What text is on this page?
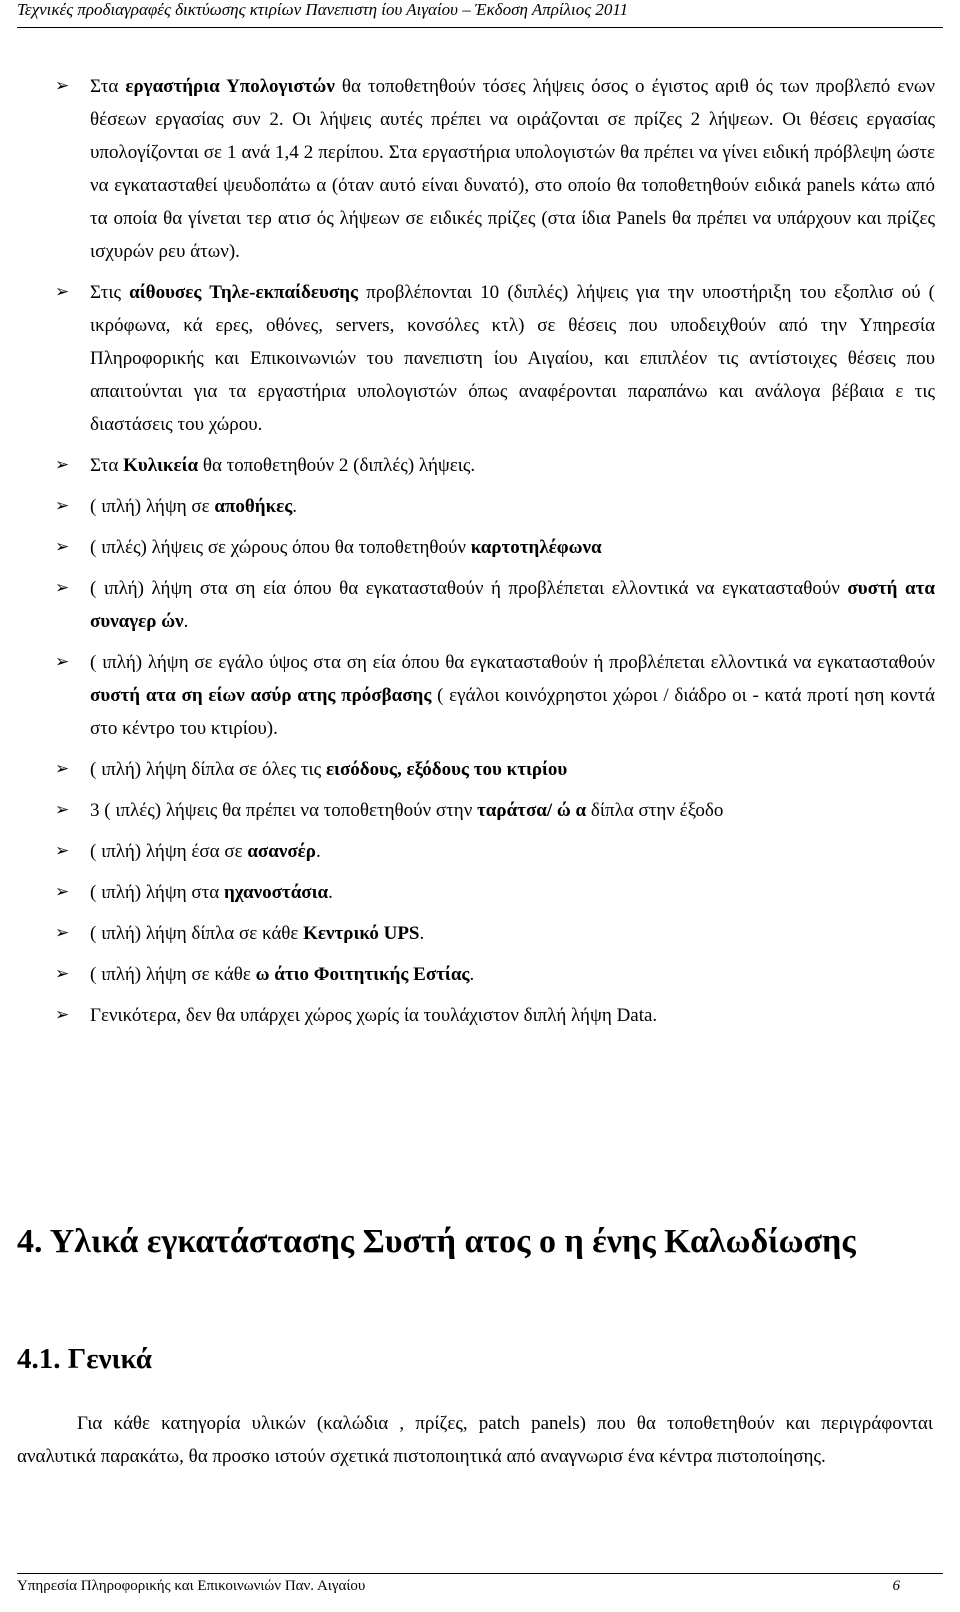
Τεχνικές προδιαγραφές δικτύωσης κτιρίων Πανεπιστη ίου Αιγαίου – Έκδοση Απρίλιος 2011
➢	Στα εργαστήρια Υπολογιστών θα τοποθετηθούν τόσες λήψεις όσος ο έγιστος αριθ ός των προβλεπό ενων θέσεων εργασίας συν 2. Οι λήψεις αυτές πρέπει να οιράζονται σε πρίζες 2 λήψεων. Οι θέσεις εργασίας υπολογίζονται σε 1 ανά 1,4 2 περίπου. Στα εργαστήρια υπολογιστών θα πρέπει να γίνει ειδική πρόβλεψη ώστε να εγκατασταθεί ψευδοπάτω α (όταν αυτό είναι δυνατό), στο οποίο θα τοποθετηθούν ειδικά panels κάτω από τα οποία θα γίνεται τερ ατισ ός λήψεων σε ειδικές πρίζες (στα ίδια Panels θα πρέπει να υπάρχουν και πρίζες ισχυρών ρευ άτων).

➢	Στις αίθουσες Τηλε-εκπαίδευσης προβλέπονται 10 (διπλές) λήψεις για την υποστήριξη του εξοπλισ ού ( ικρόφωνα, κά ερες, οθόνες, servers, κονσόλες κτλ) σε θέσεις που υποδειχθούν από την Υπηρεσία Πληροφορικής και Επικοινωνιών του πανεπιστη ίου Αιγαίου, και επιπλέον τις αντίστοιχες θέσεις που απαιτούνται για τα εργαστήρια υπολογιστών όπως αναφέρονται παραπάνω και ανάλογα βέβαια ε τις διαστάσεις του χώρου.

➢	Στα Κυλικεία θα τοποθετηθούν 2 (διπλές) λήψεις.

➢	( ιπλή) λήψη σε αποθήκες.

➢	( ιπλές) λήψεις σε χώρους όπου θα τοποθετηθούν καρτοτηλέφωνα

➢	( ιπλή) λήψη στα ση εία όπου θα εγκατασταθούν ή προβλέπεται ελλοντικά να εγκατασταθούν συστή ατα συναγερ ών.

➢	( ιπλή) λήψη σε εγάλο ύψος στα ση εία όπου θα εγκατασταθούν ή προβλέπεται ελλοντικά να εγκατασταθούν συστή ατα ση είων ασύρ ατης πρόσβασης ( εγάλοι κοινόχρηστοι χώροι / διάδρο οι - κατά προτί ηση κοντά στο κέντρο του κτιρίου).

➢	( ιπλή) λήψη δίπλα σε όλες τις εισόδους, εξόδους του κτιρίου

➢	3 ( ιπλές) λήψεις θα πρέπει να τοποθετηθούν στην ταράτσα/ ώ α δίπλα στην έξοδο

➢	( ιπλή) λήψη έσα σε ασανσέρ.

➢	( ιπλή) λήψη στα ηχανοστάσια.

➢	( ιπλή) λήψη δίπλα σε κάθε Κεντρικό UPS.

➢	( ιπλή) λήψη σε κάθε ω άτιο Φοιτητικής Εστίας.

➢	Γενικότερα, δεν θα υπάρχει χώρος χωρίς ία τουλάχιστον διπλή λήψη Data.

4. Υλικά εγκατάστασης Συστή ατος ο η ένης Καλωδίωσης
4.1. Γενικά
Για κάθε κατηγορία υλικών (καλώδια , πρίζες, patch panels) που θα τοποθετηθούν και περιγράφονται αναλυτικά παρακάτω, θα προσκο ιστούν σχετικά πιστοποιητικά από αναγνωρισ ένα κέντρα πιστοποίησης.
Υπηρεσία Πληροφορικής και Επικοινωνιών Παν. Αιγαίου	6
